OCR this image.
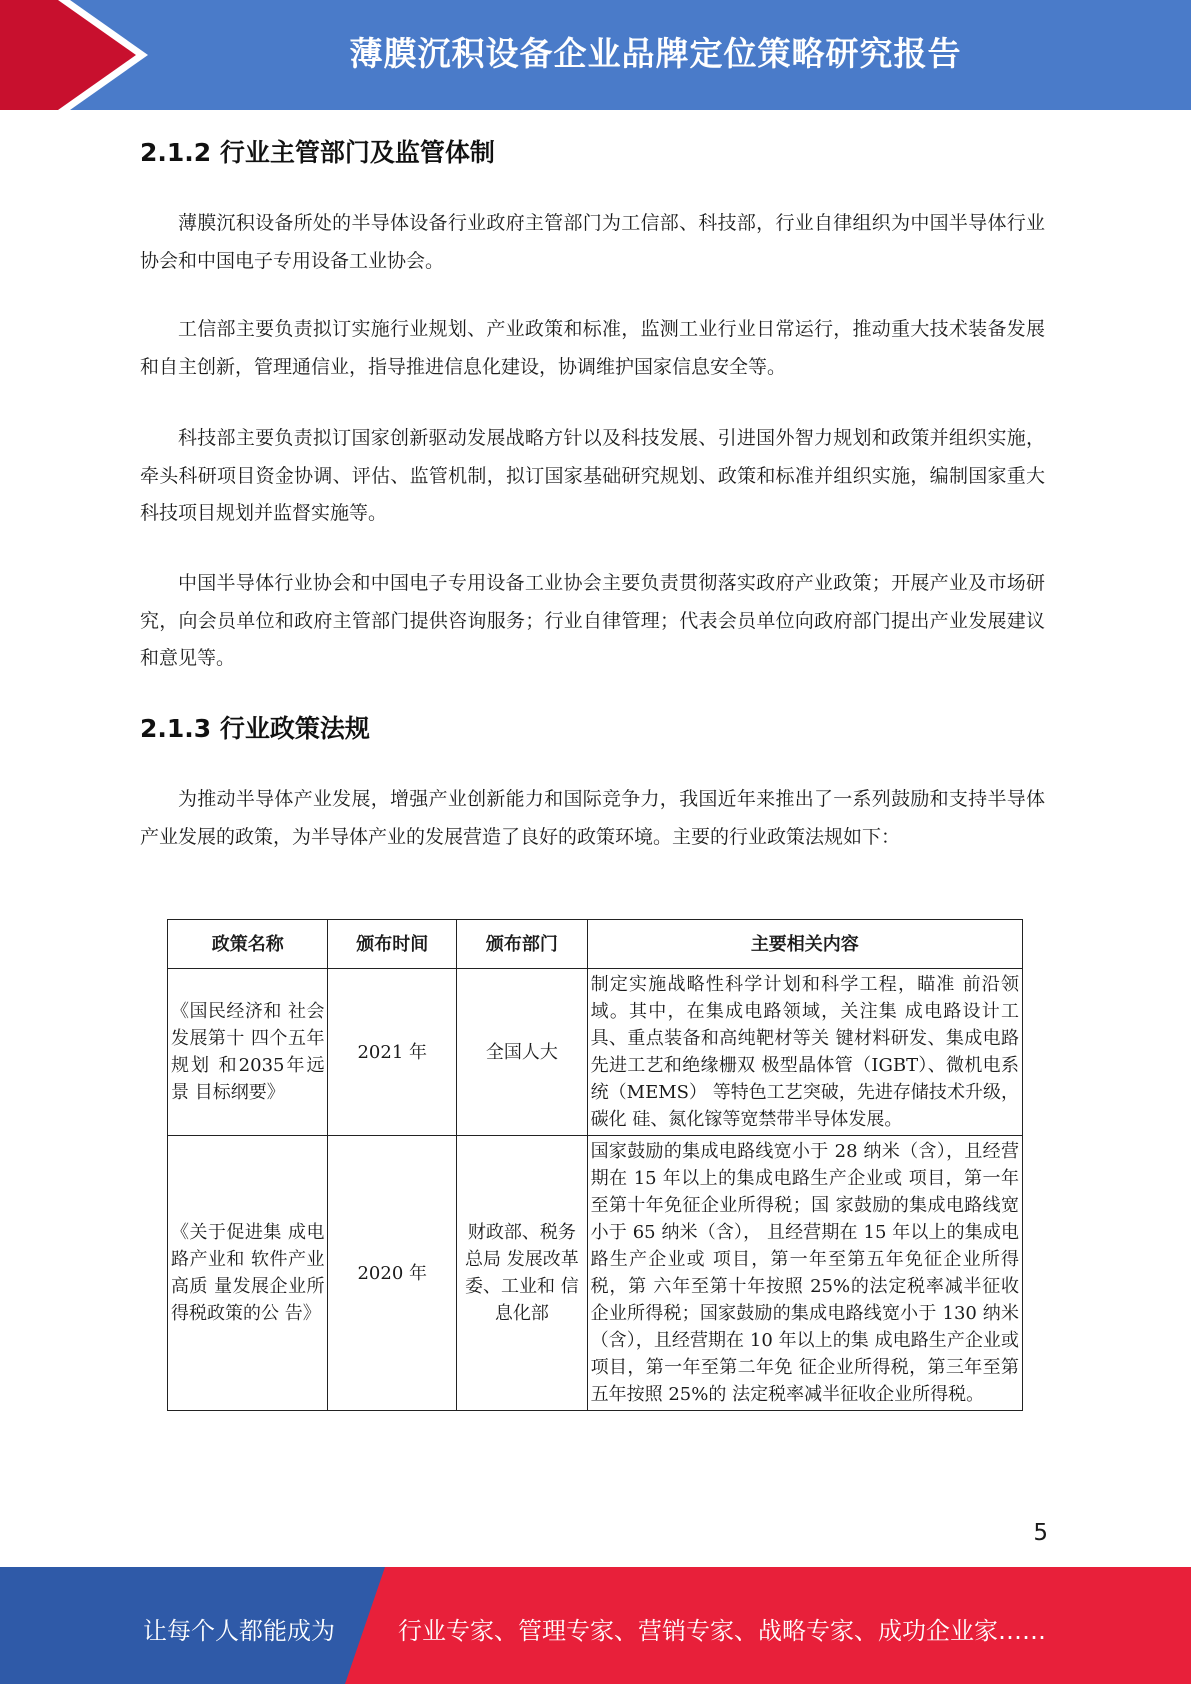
薄膜沉积设备企业品牌定位策略研究报告
2.1.2 行业主管部门及监管体制

薄膜沉积设备所处的半导体设备行业政府主管部门为工信部、科技部，行业自律组织为中国半导体行业协会和中国电子专用设备工业协会。

工信部主要负责拟订实施行业规划、产业政策和标准，监测工业行业日常运行，推动重大技术装备发展和自主创新，管理通信业，指导推进信息化建设，协调维护国家信息安全等。

科技部主要负责拟订国家创新驱动发展战略方针以及科技发展、引进国外智力规划和政策并组织实施，牵头科研项目资金协调、评估、监管机制，拟订国家基础研究规划、政策和标准并组织实施，编制国家重大科技项目规划并监督实施等。

中国半导体行业协会和中国电子专用设备工业协会主要负责贯彻落实政府产业政策；开展产业及市场研究，向会员单位和政府主管部门提供咨询服务；行业自律管理；代表会员单位向政府部门提出产业发展建议和意见等。

2.1.3 行业政策法规

为推动半导体产业发展，增强产业创新能力和国际竞争力，我国近年来推出了一系列鼓励和支持半导体产业发展的政策，为半导体产业的发展营造了良好的政策环境。主要的行业政策法规如下：

政策名称	颁布时间	颁布部门	主要相关内容
《国民经济和 社会发展第十 四个五年规划 和2035年远景 目标纲要》	2021 年	全国人大	制定实施战略性科学计划和科学工程，瞄准 前沿领域。其中，在集成电路领域，关注集 成电路设计工具、重点装备和高纯靶材等关 键材料研发、集成电路先进工艺和绝缘栅双 极型晶体管（IGBT）、微机电系统（MEMS） 等特色工艺突破，先进存储技术升级，碳化 硅、氮化镓等宽禁带半导体发展。
《关于促进集 成电路产业和 软件产业高质 量发展企业所 得税政策的公 告》	2020 年	财政部、税务总局 发展改革 委、工业和 信息化部	国家鼓励的集成电路线宽小于 28 纳米（含），且经营期在 15 年以上的集成电路生产企业或 项目，第一年至第十年免征企业所得税；国 家鼓励的集成电路线宽小于 65 纳米（含）， 且经营期在 15 年以上的集成电路生产企业或 项目，第一年至第五年免征企业所得税，第 六年至第十年按照 25%的法定税率减半征收 企业所得税；国家鼓励的集成电路线宽小于 130 纳米（含），且经营期在 10 年以上的集 成电路生产企业或项目，第一年至第二年免 征企业所得税，第三年至第五年按照 25%的 法定税率减半征收企业所得税。
5
让每个人都能成为	行业专家、管理专家、营销专家、战略专家、成功企业家……
